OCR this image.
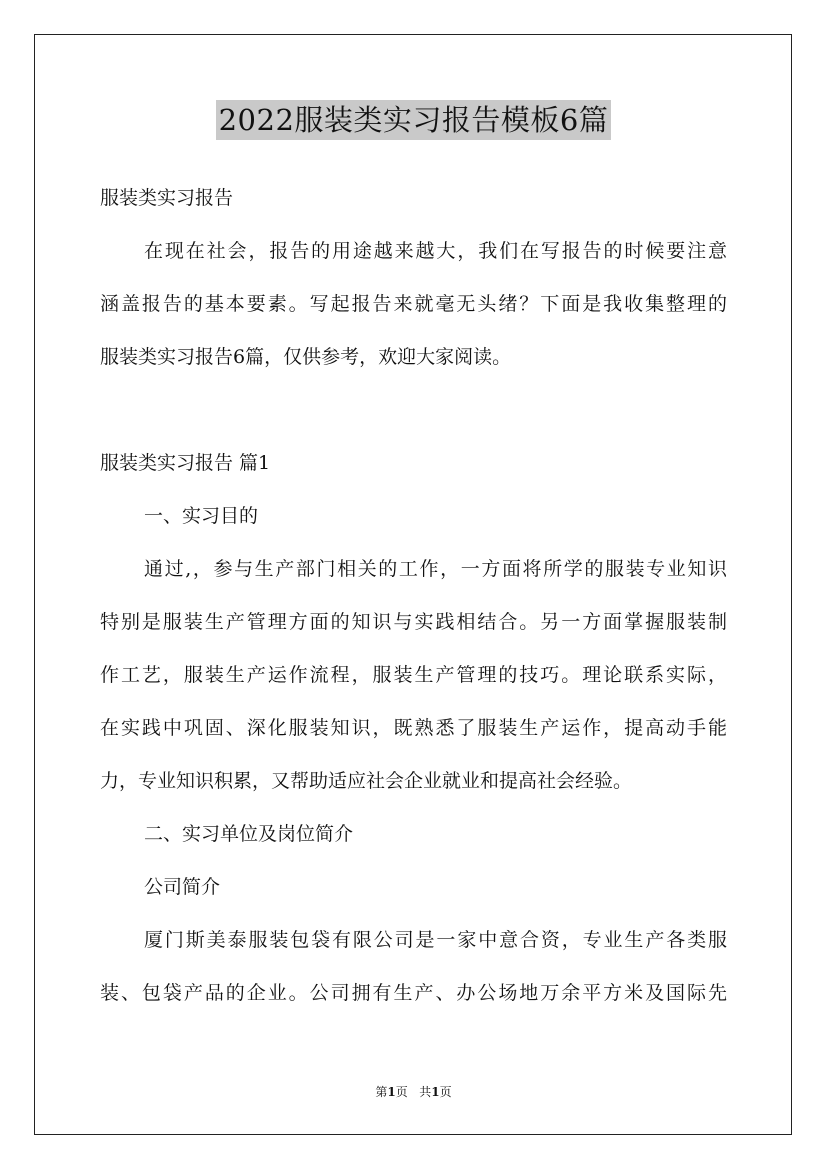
2022服装类实习报告模板6篇
服装类实习报告
在现在社会，报告的用途越来越大，我们在写报告的时候要注意
涵盖报告的基本要素。写起报告来就毫无头绪？下面是我收集整理的
服装类实习报告6篇，仅供参考，欢迎大家阅读。
服装类实习报告 篇1
一、实习目的
通过,，参与生产部门相关的工作，一方面将所学的服装专业知识
特别是服装生产管理方面的知识与实践相结合。另一方面掌握服装制
作工艺，服装生产运作流程，服装生产管理的技巧。理论联系实际，
在实践中巩固、深化服装知识，既熟悉了服装生产运作，提高动手能
力，专业知识积累，又帮助适应社会企业就业和提高社会经验。
二、实习单位及岗位简介
公司简介
厦门斯美泰服装包袋有限公司是一家中意合资，专业生产各类服
装、包袋产品的企业。公司拥有生产、办公场地万余平方米及国际先
第1页 共1页
